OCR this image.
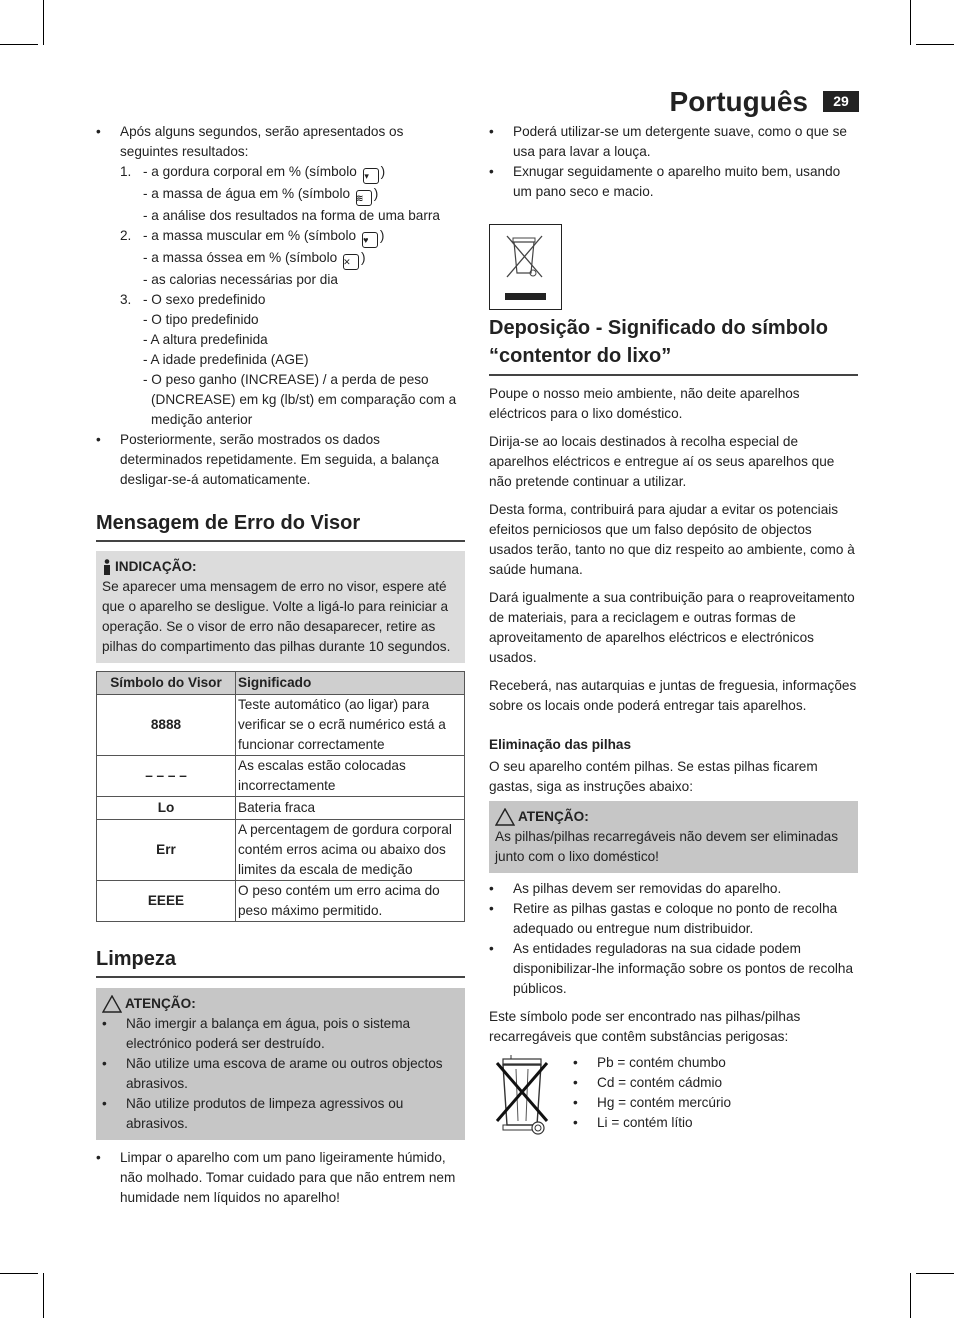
Português	29
• Após alguns segundos, serão apresentados os seguintes resultados:
1. - a gordura corporal em % (símbolo ▾ )
- a massa de água em % (símbolo ≋ )
- a análise dos resultados na forma de uma barra
2. - a massa muscular em % (símbolo ♥ )
- a massa óssea em % (símbolo ✕ )
- as calorias necessárias por dia
3. - O sexo predefinido
- O tipo predefinido
- A altura predefinida
- A idade predefinida (AGE)
- O peso ganho (INCREASE) / a perda de peso (DNCREASE) em kg (lb/st) em comparação com a medição anterior
• Posteriormente, serão mostrados os dados determinados repetidamente. Em seguida, a balança desligar-se-á automaticamente.
Mensagem de Erro do Visor
INDICAÇÃO:

Se aparecer uma mensagem de erro no visor, espere até que o aparelho se desligue. Volte a ligá-lo para reiniciar a operação. Se o visor de erro não desaparecer, retire as pilhas do compartimento das pilhas durante 10 segundos.

Símbolo do Visor	Significado
8888	Teste automático (ao ligar) para verificar se o ecrã numérico está a funcionar correctamente
– – – –	As escalas estão colocadas incorrectamente
Lo	Bateria fraca
Err	A percentagem de gordura corporal contém erros acima ou abaixo dos limites da escala de medição
EEEE	O peso contém um erro acima do peso máximo permitido.
Limpeza
ATENÇÃO:
• Não imergir a balança em água, pois o sistema electrónico poderá ser destruído.
• Não utilize uma escova de arame ou outros objectos abrasivos.
• Não utilize produtos de limpeza agressivos ou abrasivos.
• Limpar o aparelho com um pano ligeiramente húmido, não molhado. Tomar cuidado para que não entrem nem humidade nem líquidos no aparelho!
• Poderá utilizar-se um detergente suave, como o que se usa para lavar a louça.
• Exnugar seguidamente o aparelho muito bem, usando um pano seco e macio.
Deposição - Significado do símbolo “contentor do lixo”

Poupe o nosso meio ambiente, não deite aparelhos eléctricos para o lixo doméstico.

Dirija-se ao locais destinados à recolha especial de aparelhos eléctricos e entregue aí os seus aparelhos que não pretende continuar a utilizar.

Desta forma, contribuirá para ajudar a evitar os potenciais efeitos perniciosos que um falso depósito de objectos usados terão, tanto no que diz respeito ao ambiente, como à saúde humana.

Dará igualmente a sua contribuição para o reaproveitamento de materiais, para a reciclagem e outras formas de aproveitamento de aparelhos eléctricos e electrónicos usados.

Receberá, nas autarquias e juntas de freguesia, informações sobre os locais onde poderá entregar tais aparelhos.

Eliminação das pilhas

O seu aparelho contém pilhas. Se estas pilhas ficarem gastas, siga as instruções abaixo:

ATENÇÃO:

As pilhas/pilhas recarregáveis não devem ser eliminadas junto com o lixo doméstico!

• As pilhas devem ser removidas do aparelho.
• Retire as pilhas gastas e coloque no ponto de recolha adequado ou entregue num distribuidor.
• As entidades reguladoras na sua cidade podem disponibilizar-lhe informação sobre os pontos de recolha públicos.

Este símbolo pode ser encontrado nas pilhas/pilhas recarregáveis que contêm substâncias perigosas:

• Pb = contém chumbo
• Cd = contém cádmio
• Hg = contém mercúrio
• Li = contém lítio
